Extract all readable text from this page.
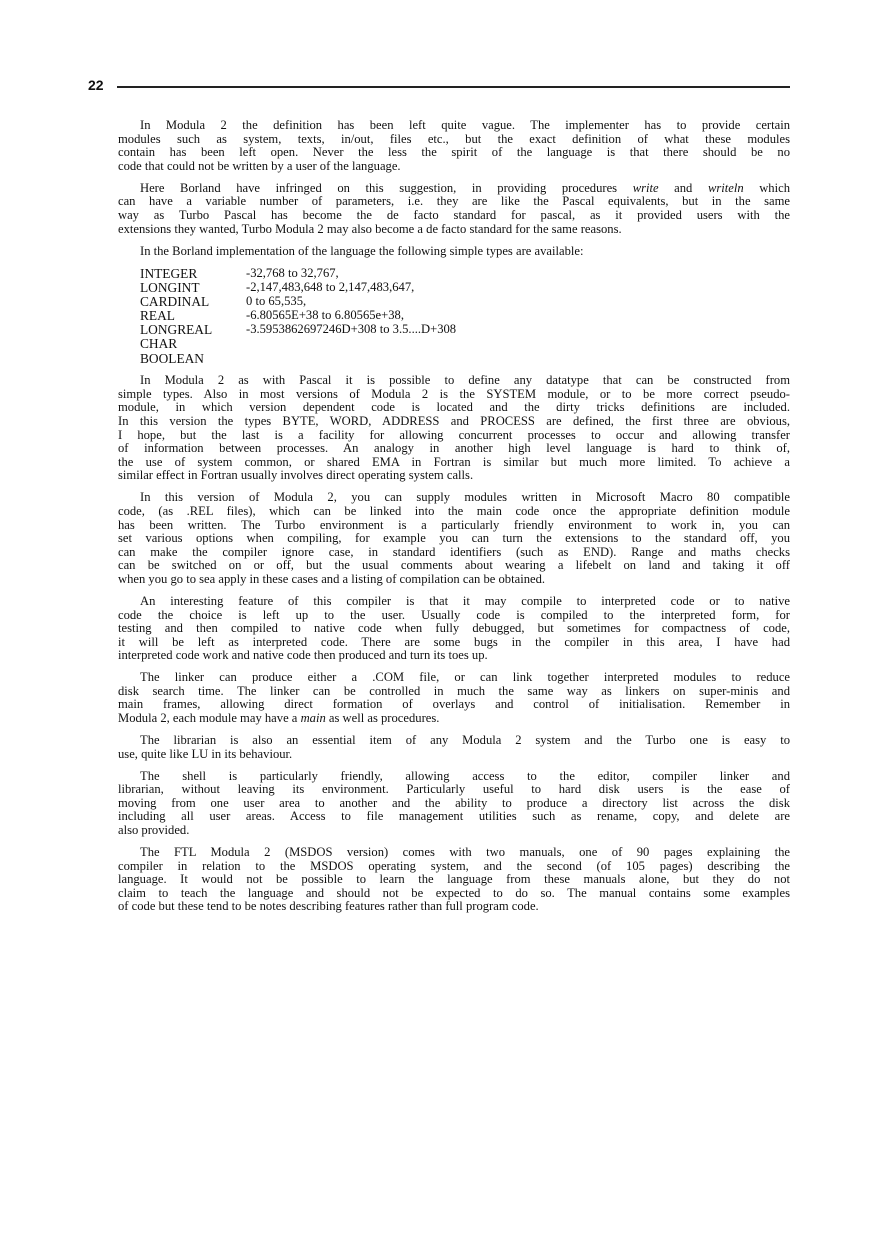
22
In Modula 2 the definition has been left quite vague. The implementer has to provide certain
modules such as system, texts, in/out, files etc., but the exact definition of what these modules
contain has been left open. Never the less the spirit of the language is that there should be no
code that could not be written by a user of the language.
Here Borland have infringed on this suggestion, in providing procedures write and writeln which
can have a variable number of parameters, i.e. they are like the Pascal equivalents, but in the same
way as Turbo Pascal has become the de facto standard for pascal, as it provided users with the
extensions they wanted, Turbo Modula 2 may also become a de facto standard for the same reasons.
In the Borland implementation of the language the following simple types are available:
INTEGER	-32,768 to 32,767,
LONGINT	-2,147,483,648 to 2,147,483,647,
CARDINAL	0 to 65,535,
REAL	-6.80565E+38 to 6.80565e+38,
LONGREAL	-3.5953862697246D+308 to 3.5....D+308
CHAR
BOOLEAN
In Modula 2 as with Pascal it is possible to define any datatype that can be constructed from
simple types. Also in most versions of Modula 2 is the SYSTEM module, or to be more correct pseudo-
module, in which version dependent code is located and the dirty tricks definitions are included.
In this version the types BYTE, WORD, ADDRESS and PROCESS are defined, the first three are obvious,
I hope, but the last is a facility for allowing concurrent processes to occur and allowing transfer
of information between processes. An analogy in another high level language is hard to think of,
the use of system common, or shared EMA in Fortran is similar but much more limited. To achieve a
similar effect in Fortran usually involves direct operating system calls.
In this version of Modula 2, you can supply modules written in Microsoft Macro 80 compatible
code, (as .REL files), which can be linked into the main code once the appropriate definition module
has been written. The Turbo environment is a particularly friendly environment to work in, you can
set various options when compiling, for example you can turn the extensions to the standard off, you
can make the compiler ignore case, in standard identifiers (such as END). Range and maths checks
can be switched on or off, but the usual comments about wearing a lifebelt on land and taking it off
when you go to sea apply in these cases and a listing of compilation can be obtained.
An interesting feature of this compiler is that it may compile to interpreted code or to native
code the choice is left up to the user. Usually code is compiled to the interpreted form, for
testing and then compiled to native code when fully debugged, but sometimes for compactness of code,
it will be left as interpreted code. There are some bugs in the compiler in this area, I have had
interpreted code work and native code then produced and turn its toes up.
The linker can produce either a .COM file, or can link together interpreted modules to reduce
disk search time. The linker can be controlled in much the same way as linkers on super-minis and
main frames, allowing direct formation of overlays and control of initialisation. Remember in
Modula 2, each module may have a main as well as procedures.
The librarian is also an essential item of any Modula 2 system and the Turbo one is easy to
use, quite like LU in its behaviour.
The shell is particularly friendly, allowing access to the editor, compiler linker and
librarian, without leaving its environment. Particularly useful to hard disk users is the ease of
moving from one user area to another and the ability to produce a directory list across the disk
including all user areas. Access to file management utilities such as rename, copy, and delete are
also provided.
The FTL Modula 2 (MSDOS version) comes with two manuals, one of 90 pages explaining the
compiler in relation to the MSDOS operating system, and the second (of 105 pages) describing the
language. It would not be possible to learn the language from these manuals alone, but they do not
claim to teach the language and should not be expected to do so. The manual contains some examples
of code but these tend to be notes describing features rather than full program code.
